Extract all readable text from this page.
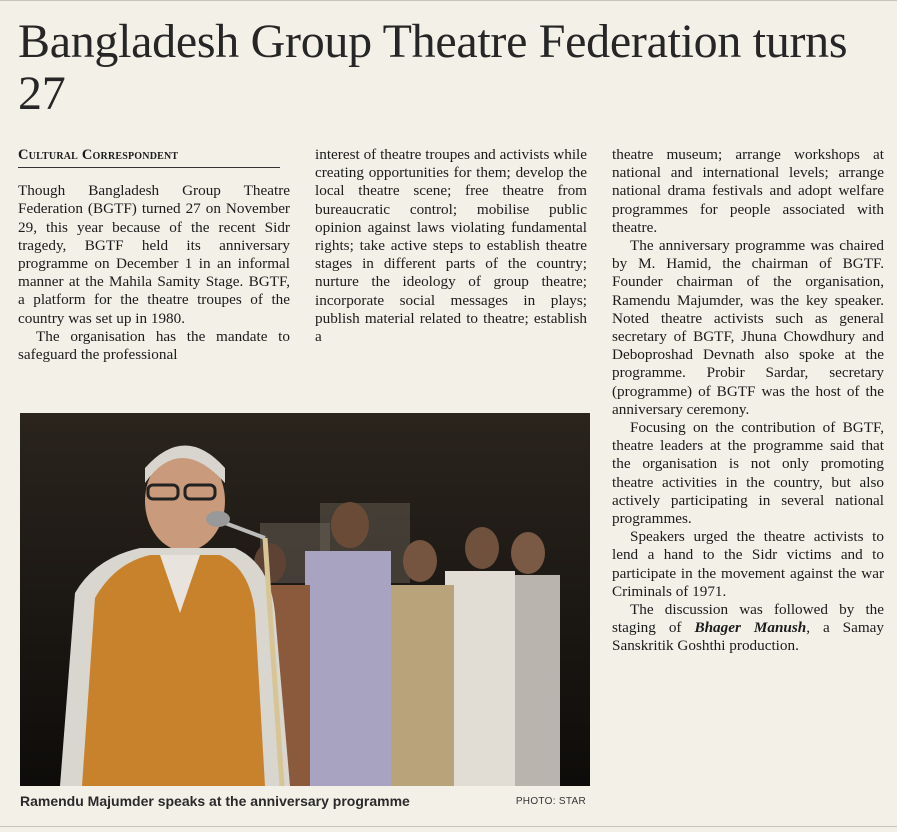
Bangladesh Group Theatre Federation turns 27
Cultural Correspondent

Though Bangladesh Group Theatre Federation (BGTF) turned 27 on November 29, this year because of the recent Sidr tragedy, BGTF held its anniversary programme on December 1 in an informal manner at the Mahila Samity Stage. BGTF, a platform for the theatre troupes of the country was set up in 1980.

The organisation has the mandate to safeguard the professional

interest of theatre troupes and activists while creating opportunities for them; develop the local theatre scene; free theatre from bureaucratic control; mobilise public opinion against laws violating fundamental rights; take active steps to establish theatre stages in different parts of the country; nurture the ideology of group theatre; incorporate social messages in plays; publish material related to theatre; establish a

theatre museum; arrange workshops at national and international levels; arrange national drama festivals and adopt welfare programmes for people associated with theatre.

The anniversary programme was chaired by M. Hamid, the chairman of BGTF. Founder chairman of the organisation, Ramendu Majumder, was the key speaker. Noted theatre activists such as general secretary of BGTF, Jhuna Chowdhury and Deboproshad Devnath also spoke at the programme. Probir Sardar, secretary (programme) of BGTF was the host of the anniversary ceremony.

Focusing on the contribution of BGTF, theatre leaders at the programme said that the organisation is not only promoting theatre activities in the country, but also actively participating in several national programmes.

Speakers urged the theatre activists to lend a hand to the Sidr victims and to participate in the movement against the war Criminals of 1971.

The discussion was followed by the staging of Bhager Manush, a Samay Sanskritik Goshthi production.

Ramendu Majumder speaks at the anniversary programme	PHOTO: STAR
